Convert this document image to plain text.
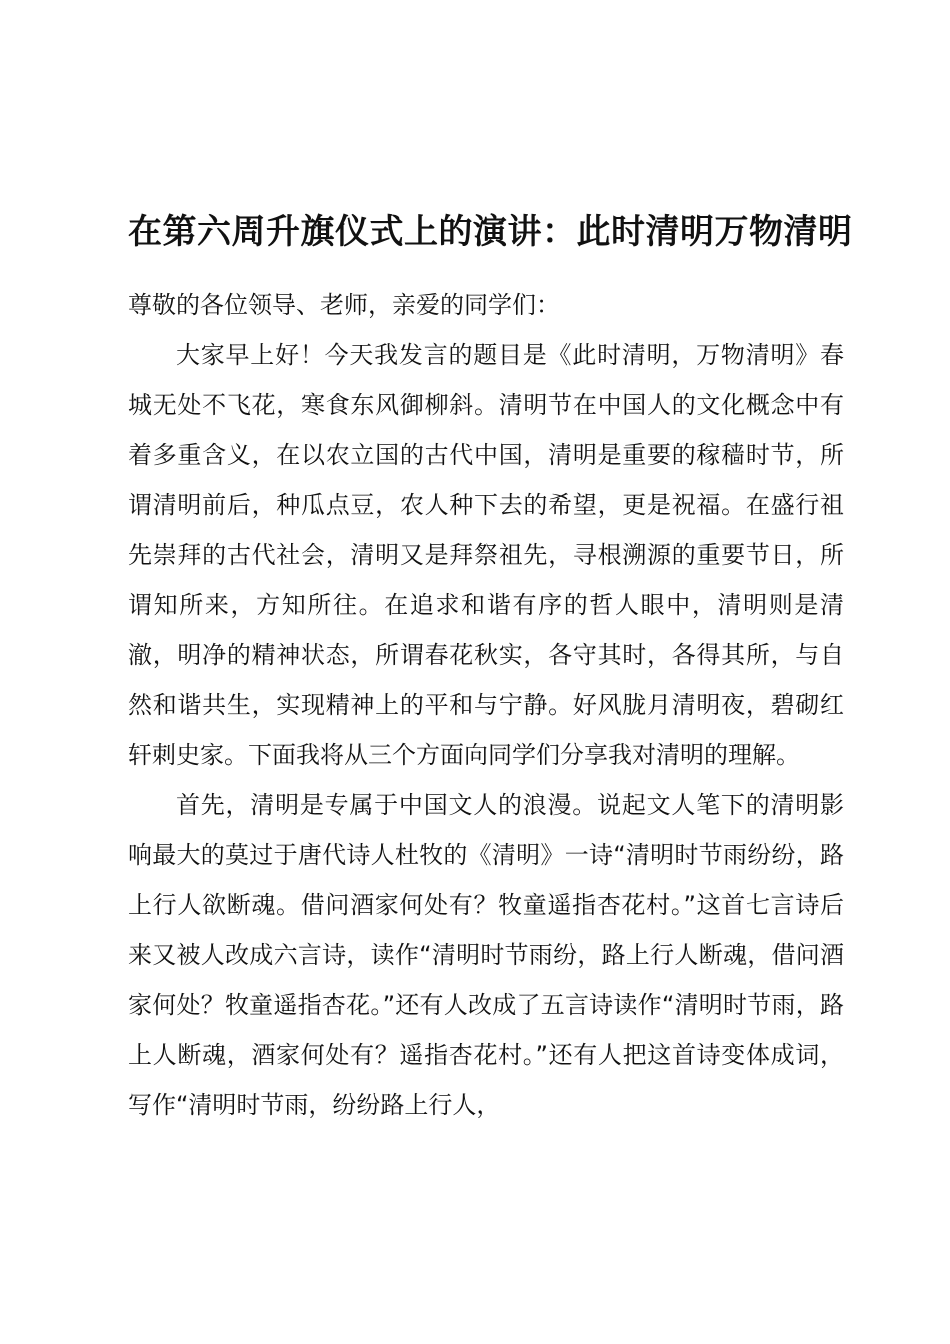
在第六周升旗仪式上的演讲：此时清明万物清明

尊敬的各位领导、老师，亲爱的同学们：

大家早上好！今天我发言的题目是《此时清明，万物清明》春城无处不飞花，寒食东风御柳斜。清明节在中国人的文化概念中有着多重含义，在以农立国的古代中国，清明是重要的稼穑时节，所谓清明前后，种瓜点豆，农人种下去的希望，更是祝福。在盛行祖先崇拜的古代社会，清明又是拜祭祖先，寻根溯源的重要节日，所谓知所来，方知所往。在追求和谐有序的哲人眼中，清明则是清澈，明净的精神状态，所谓春花秋实，各守其时，各得其所，与自然和谐共生，实现精神上的平和与宁静。好风胧月清明夜，碧砌红轩刺史家。下面我将从三个方面向同学们分享我对清明的理解。

首先，清明是专属于中国文人的浪漫。说起文人笔下的清明影响最大的莫过于唐代诗人杜牧的《清明》一诗“清明时节雨纷纷，路上行人欲断魂。借问酒家何处有？牧童遥指杏花村。”这首七言诗后来又被人改成六言诗，读作“清明时节雨纷，路上行人断魂，借问酒家何处？牧童遥指杏花。”还有人改成了五言诗读作“清明时节雨，路上人断魂，酒家何处有？遥指杏花村。”还有人把这首诗变体成词，写作“清明时节雨，纷纷路上行人，
